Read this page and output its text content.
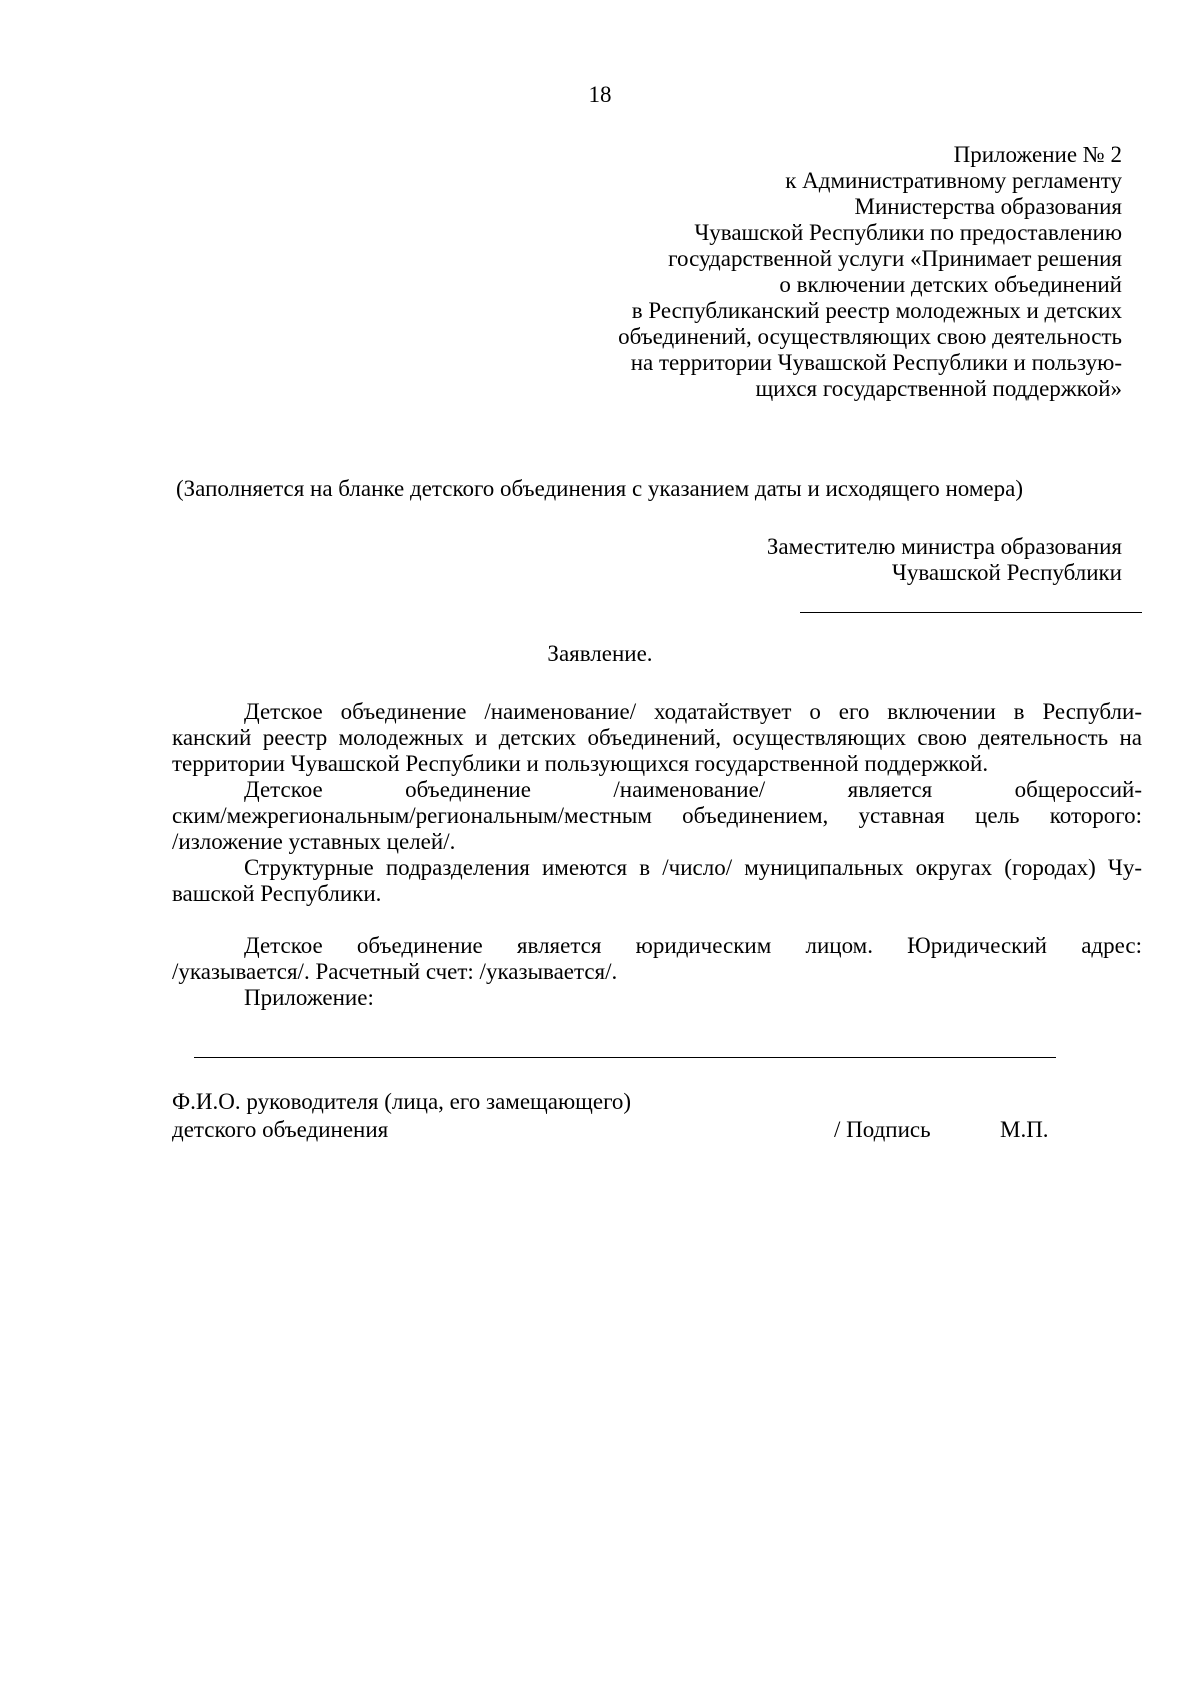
18
Приложение № 2
к Административному регламенту
Министерства образования
Чувашской Республики по предоставлению
государственной услуги «Принимает решения
о включении детских объединений
в Республиканский реестр молодежных и детских
объединений, осуществляющих свою деятельность
на территории Чувашской Республики и пользую-
щихся государственной поддержкой»
(Заполняется на бланке детского объединения с указанием даты и исходящего номера)
Заместителю министра образования
Чувашской Республики
Заявление.
Детское объединение /наименование/ ходатайствует о его включении в Республи-
канский реестр молодежных и детских объединений, осуществляющих свою деятельность на
территории Чувашской Республики и пользующихся государственной поддержкой.
Детское объединение /наименование/ является общероссий-
ским/межрегиональным/региональным/местным объединением, уставная цель которого:
/изложение уставных целей/.
Структурные подразделения имеются в /число/ муниципальных округах (городах) Чу-
вашской Республики.
Детское объединение является юридическим лицом. Юридический адрес:
/указывается/. Расчетный счет: /указывается/.
Приложение:
Ф.И.О. руководителя (лица, его замещающего)
детского объединения	/ Подпись	М.П.
